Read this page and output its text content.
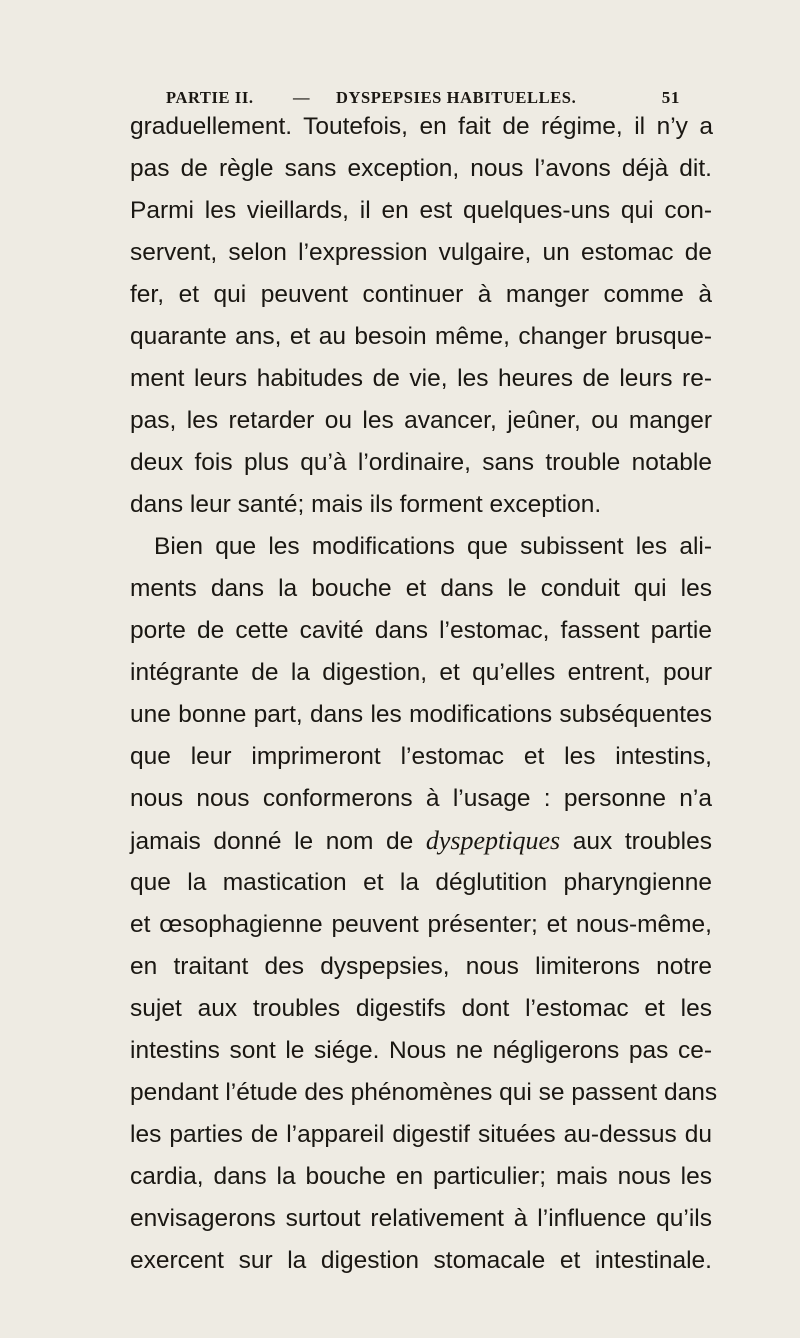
PARTIE II. — DYSPEPSIES HABITUELLES.	51
graduellement. Toutefois, en fait de régime, il n’y a
pas de règle sans exception, nous l’avons déjà dit.
Parmi les vieillards, il en est quelques-uns qui con-
servent, selon l’expression vulgaire, un estomac de
fer, et qui peuvent continuer à manger comme à
quarante ans, et au besoin même, changer brusque-
ment leurs habitudes de vie, les heures de leurs re-
pas, les retarder ou les avancer, jeûner, ou manger
deux fois plus qu’à l’ordinaire, sans trouble notable
dans leur santé; mais ils forment exception.
Bien que les modifications que subissent les ali-
ments dans la bouche et dans le conduit qui les
porte de cette cavité dans l’estomac, fassent partie
intégrante de la digestion, et qu’elles entrent, pour
une bonne part, dans les modifications subséquentes
que leur imprimeront l’estomac et les intestins,
nous nous conformerons à l’usage : personne n’a
jamais donné le nom de dyspeptiques aux troubles
que la mastication et la déglutition pharyngienne
et œsophagienne peuvent présenter; et nous-même,
en traitant des dyspepsies, nous limiterons notre
sujet aux troubles digestifs dont l’estomac et les
intestins sont le siége. Nous ne négligerons pas ce-
pendant l’étude des phénomènes qui se passent dans
les parties de l’appareil digestif situées au-dessus du
cardia, dans la bouche en particulier; mais nous les
envisagerons surtout relativement à l’influence qu’ils
exercent sur la digestion stomacale et intestinale.
